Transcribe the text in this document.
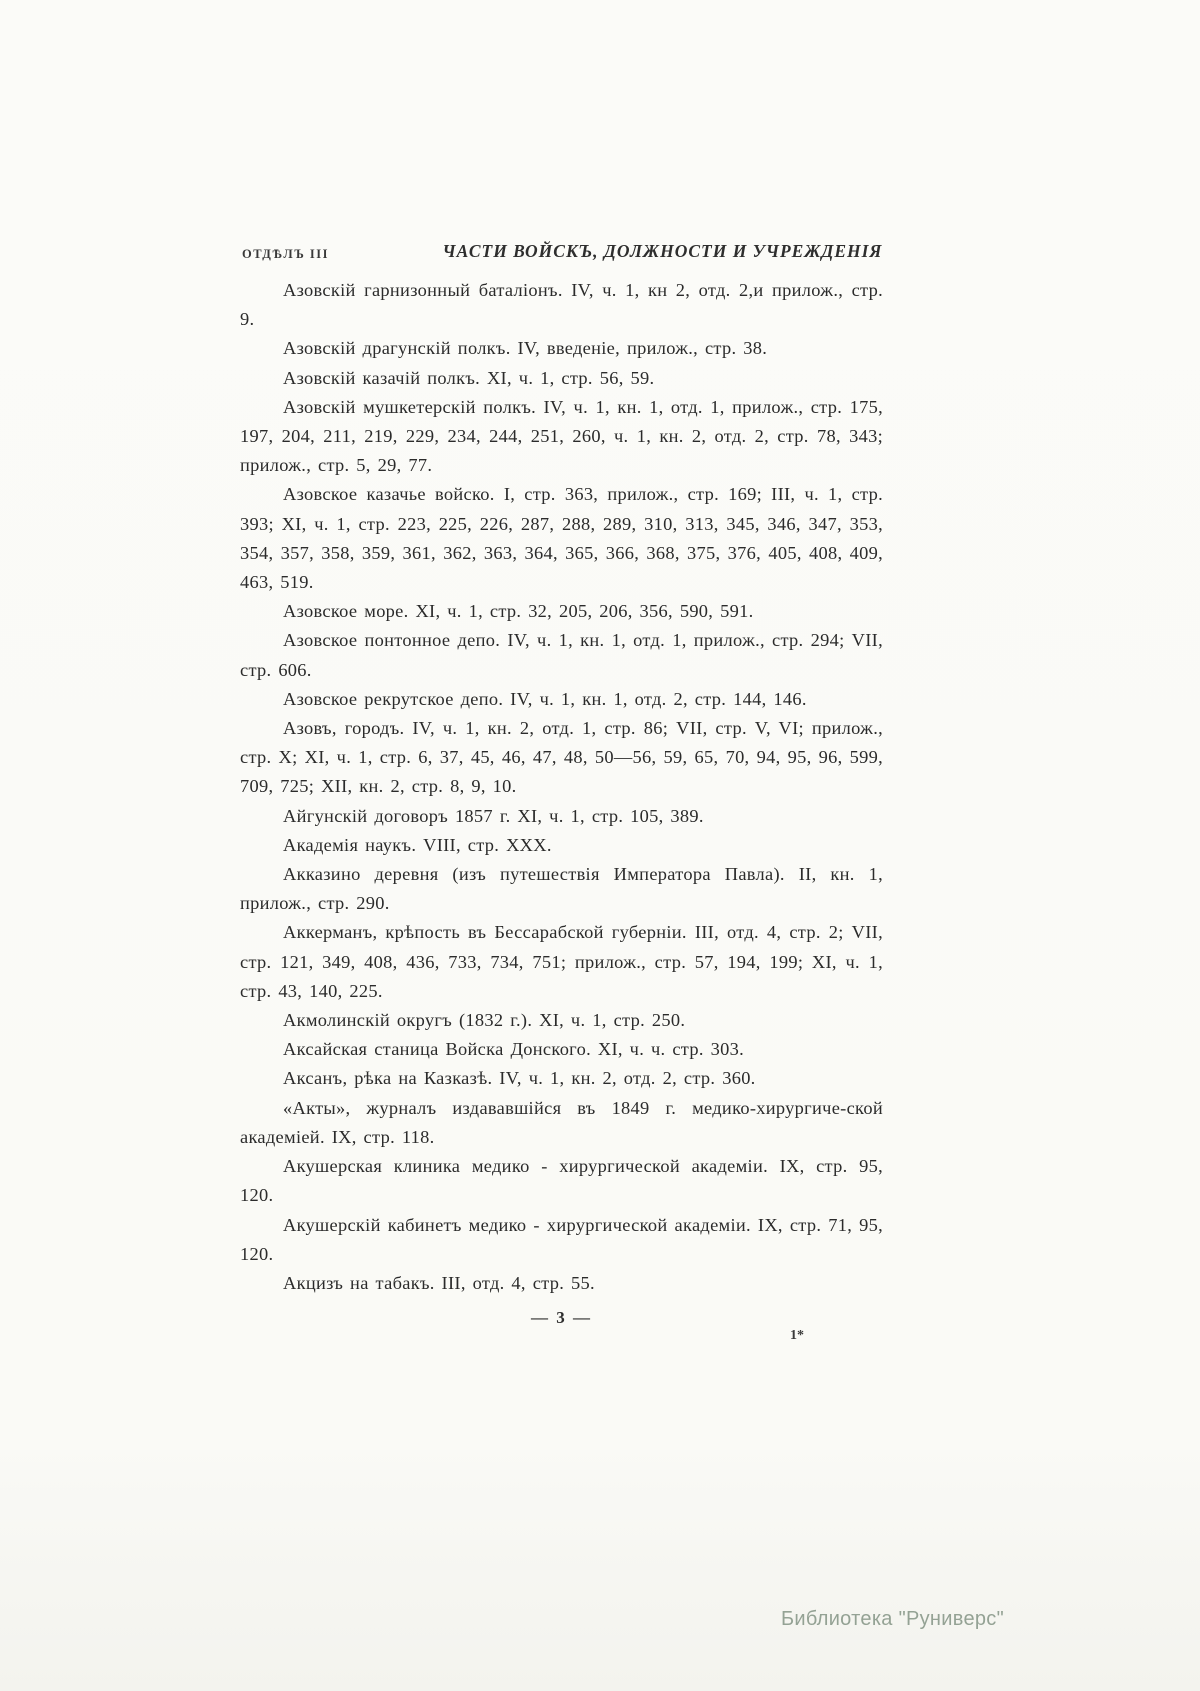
ОТДѢЛЪ III	ЧАСТИ ВОЙСКЪ, ДОЛЖНОСТИ И УЧРЕЖДЕНІЯ

Азовскій гарнизонный баталіонъ. IV, ч. 1, кн 2, отд. 2,и прилож., стр. 9.

Азовскій драгунскій полкъ. IV, введеніе, прилож., стр. 38.

Азовскій казачій полкъ. XI, ч. 1, стр. 56, 59.

Азовскій мушкетерскій полкъ. IV, ч. 1, кн. 1, отд. 1, прилож., стр. 175, 197, 204, 211, 219, 229, 234, 244, 251, 260, ч. 1, кн. 2, отд. 2, стр. 78, 343; прилож., стр. 5, 29, 77.

Азовское казачье войско. I, стр. 363, прилож., стр. 169; III, ч. 1, стр. 393; XI, ч. 1, стр. 223, 225, 226, 287, 288, 289, 310, 313, 345, 346, 347, 353, 354, 357, 358, 359, 361, 362, 363, 364, 365, 366, 368, 375, 376, 405, 408, 409, 463, 519.

Азовское море. XI, ч. 1, стр. 32, 205, 206, 356, 590, 591.

Азовское понтонное депо. IV, ч. 1, кн. 1, отд. 1, прилож., стр. 294; VII, стр. 606.

Азовское рекрутское депо. IV, ч. 1, кн. 1, отд. 2, стр. 144, 146.

Азовъ, городъ. IV, ч. 1, кн. 2, отд. 1, стр. 86; VII, стр. V, VI; прилож., стр. X; XI, ч. 1, стр. 6, 37, 45, 46, 47, 48, 50—56, 59, 65, 70, 94, 95, 96, 599, 709, 725; XII, кн. 2, стр. 8, 9, 10.

Айгунскій договоръ 1857 г. XI, ч. 1, стр. 105, 389.

Академія наукъ. VIII, стр. XXX.

Акказино деревня (изъ путешествія Императора Павла). II, кн. 1, прилож., стр. 290.

Аккерманъ, крѣпость въ Бессарабской губерніи. III, отд. 4, стр. 2; VII, стр. 121, 349, 408, 436, 733, 734, 751; прилож., стр. 57, 194, 199; XI, ч. 1, стр. 43, 140, 225.

Акмолинскій округъ (1832 г.). XI, ч. 1, стр. 250.

Аксайская станица Войска Донского. XI, ч. ч. стр. 303.

Аксанъ, рѣка на Казказѣ. IV, ч. 1, кн. 2, отд. 2, стр. 360.

«Акты», журналъ издававшійся въ 1849 г. медико-хирургиче-ской академіей. IX, стр. 118.

Акушерская клиника медико - хирургической академіи. IX, стр. 95, 120.

Акушерскій кабинетъ медико - хирургической академіи. IX, стр. 71, 95, 120.

Акцизъ на табакъ. III, отд. 4, стр. 55.

— 3 —
1*
Библиотека "Руниверс"
